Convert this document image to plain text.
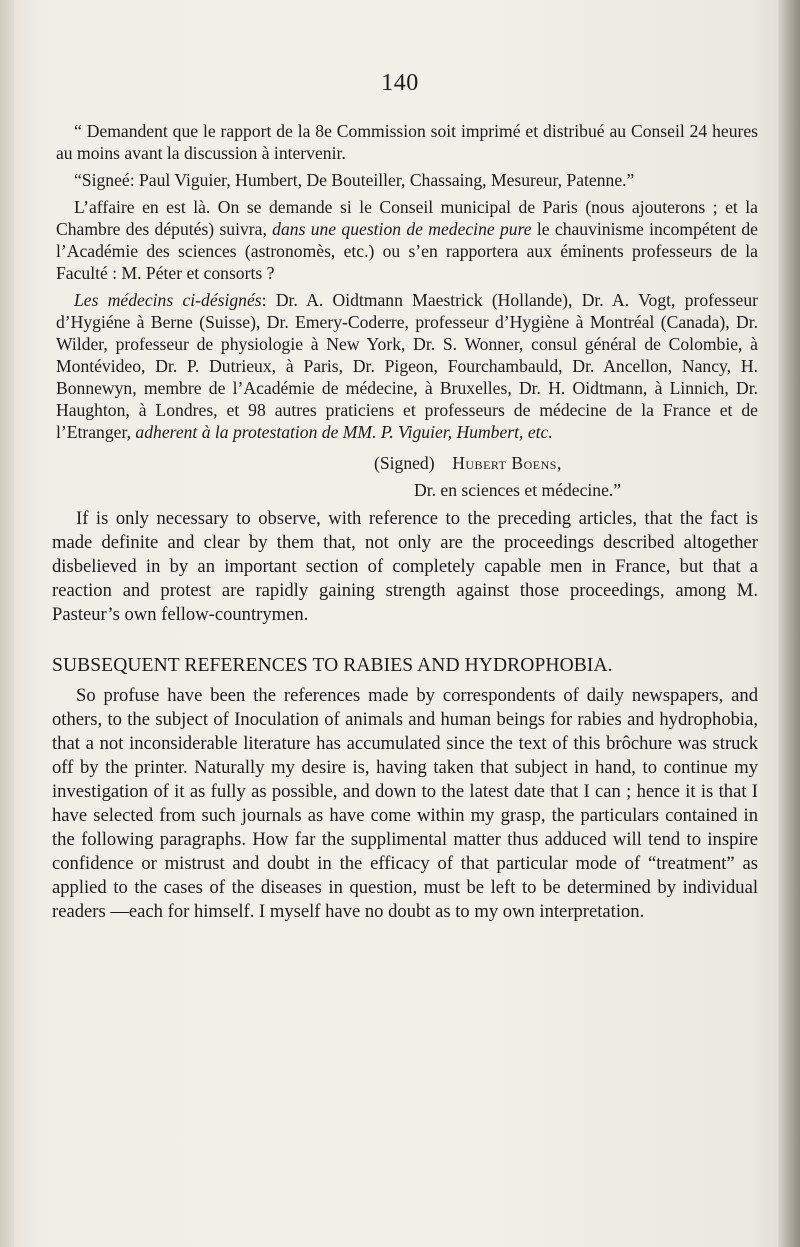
140

“ Demandent que le rapport de la 8e Commission soit imprimé et distribué au Conseil 24 heures au moins avant la discussion à intervenir.

“Signeé: Paul Viguier, Humbert, De Bouteiller, Chassaing, Mesureur, Patenne.”

L’affaire en est là. On se demande si le Conseil municipal de Paris (nous ajouterons ; et la Chambre des députés) suivra, dans une question de medecine pure le chauvinisme incompétent de l’Académie des sciences (astronomès, etc.) ou s’en rapportera aux éminents professeurs de la Faculté : M. Péter et consorts ?

Les médecins ci-désignés: Dr. A. Oidtmann Maestrick (Hollande), Dr. A. Vogt, professeur d’Hygiéne à Berne (Suisse), Dr. Emery-Coderre, professeur d’Hygiène à Montréal (Canada), Dr. Wilder, professeur de physiologie à New York, Dr. S. Wonner, consul général de Colombie, à Montévideo, Dr. P. Dutrieux, à Paris, Dr. Pigeon, Fourchambauld, Dr. Ancellon, Nancy, H. Bonnewyn, membre de l’Académie de médecine, à Bruxelles, Dr. H. Oidtmann, à Linnich, Dr. Haughton, à Londres, et 98 autres praticiens et professeurs de médecine de la France et de l’Etranger, adherent à la protestation de MM. P. Viguier, Humbert, etc.

(Signed) Hubert Boens,

Dr. en sciences et médecine.”

If is only necessary to observe, with reference to the preceding articles, that the fact is made definite and clear by them that, not only are the proceedings described altogether disbelieved in by an important section of completely capable men in France, but that a reaction and protest are rapidly gaining strength against those proceedings, among M. Pasteur’s own fellow-countrymen.

SUBSEQUENT REFERENCES TO RABIES AND HYDROPHOBIA.

So profuse have been the references made by correspondents of daily newspapers, and others, to the subject of Inoculation of animals and human beings for rabies and hydrophobia, that a not inconsiderable literature has accumulated since the text of this brôchure was struck off by the printer. Naturally my desire is, having taken that subject in hand, to continue my investigation of it as fully as possible, and down to the latest date that I can ; hence it is that I have selected from such journals as have come within my grasp, the particulars contained in the following paragraphs. How far the supplimental matter thus adduced will tend to inspire confidence or mistrust and doubt in the efficacy of that particular mode of “treatment” as applied to the cases of the diseases in question, must be left to be determined by individual readers —each for himself. I myself have no doubt as to my own interpretation.
